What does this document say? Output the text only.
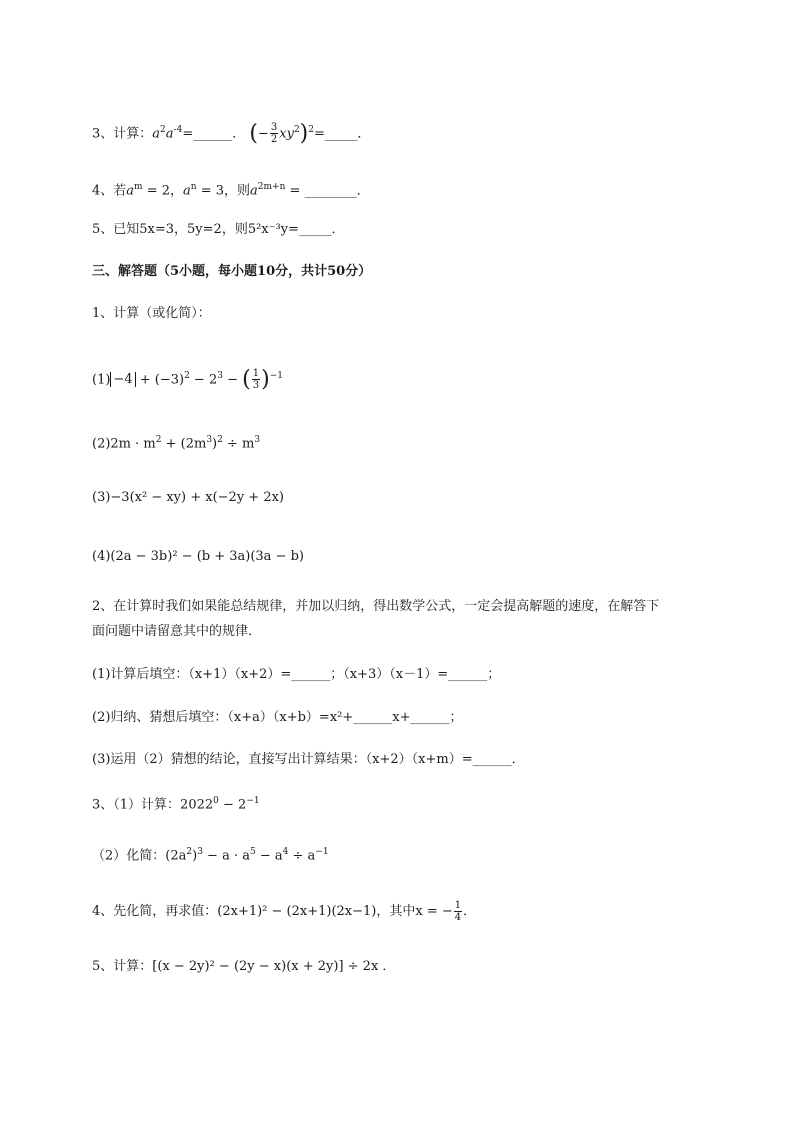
3、计算：$a^2a^{-4}=\_\_\_\_\_\_$． (− $\frac{3}{2}$ $xy^2)^2=\_\_\_\_\_$．
4、若$a^m = 2$，$a^n = 3$，则$a^{2m+n}$ = ________．
5、已知5x=3，5y=2，则5²x⁻³y=_____．
三、解答题（5小题，每小题10分，共计50分）
1、计算（或化简）：
$(1) -4 + (-3)^2 - 2^3$ − ( $\frac{1}{3} )^{-1}$
$(2)2m \cdot m^2 + (2m^3)^2 \div m^3$
(3)−3(x² − xy) + x(−2y + 2x)
(4)(2a − 3b)² − (b + 3a)(3a − b)
2、在计算时我们如果能总结规律，并加以归纳，得出数学公式，一定会提高解题的速度，在解答下
面问题中请留意其中的规律．
(1)计算后填空：（x+1）（x+2）=______；（x+3）（x－1）=______；
(2)归纳、猜想后填空：（x+a）（x+b）=x²+______x+______；
(3)运用（2）猜想的结论，直接写出计算结果：（x+2）（x+m）=______．
3、（1）计算：$2022^0 - 2^{-1}$
（2）化简：$(2a^2)^3 - a \cdot a^5 - a^4 \div a^{-1}$
4、先化简，再求值：(2x+1)² − (2x+1)(2x−1)，其中x = − $\frac{1}{4}$ ．
5、计算：[(x − 2y)² − (2y − x)(x + 2y)] ÷ 2x ．
